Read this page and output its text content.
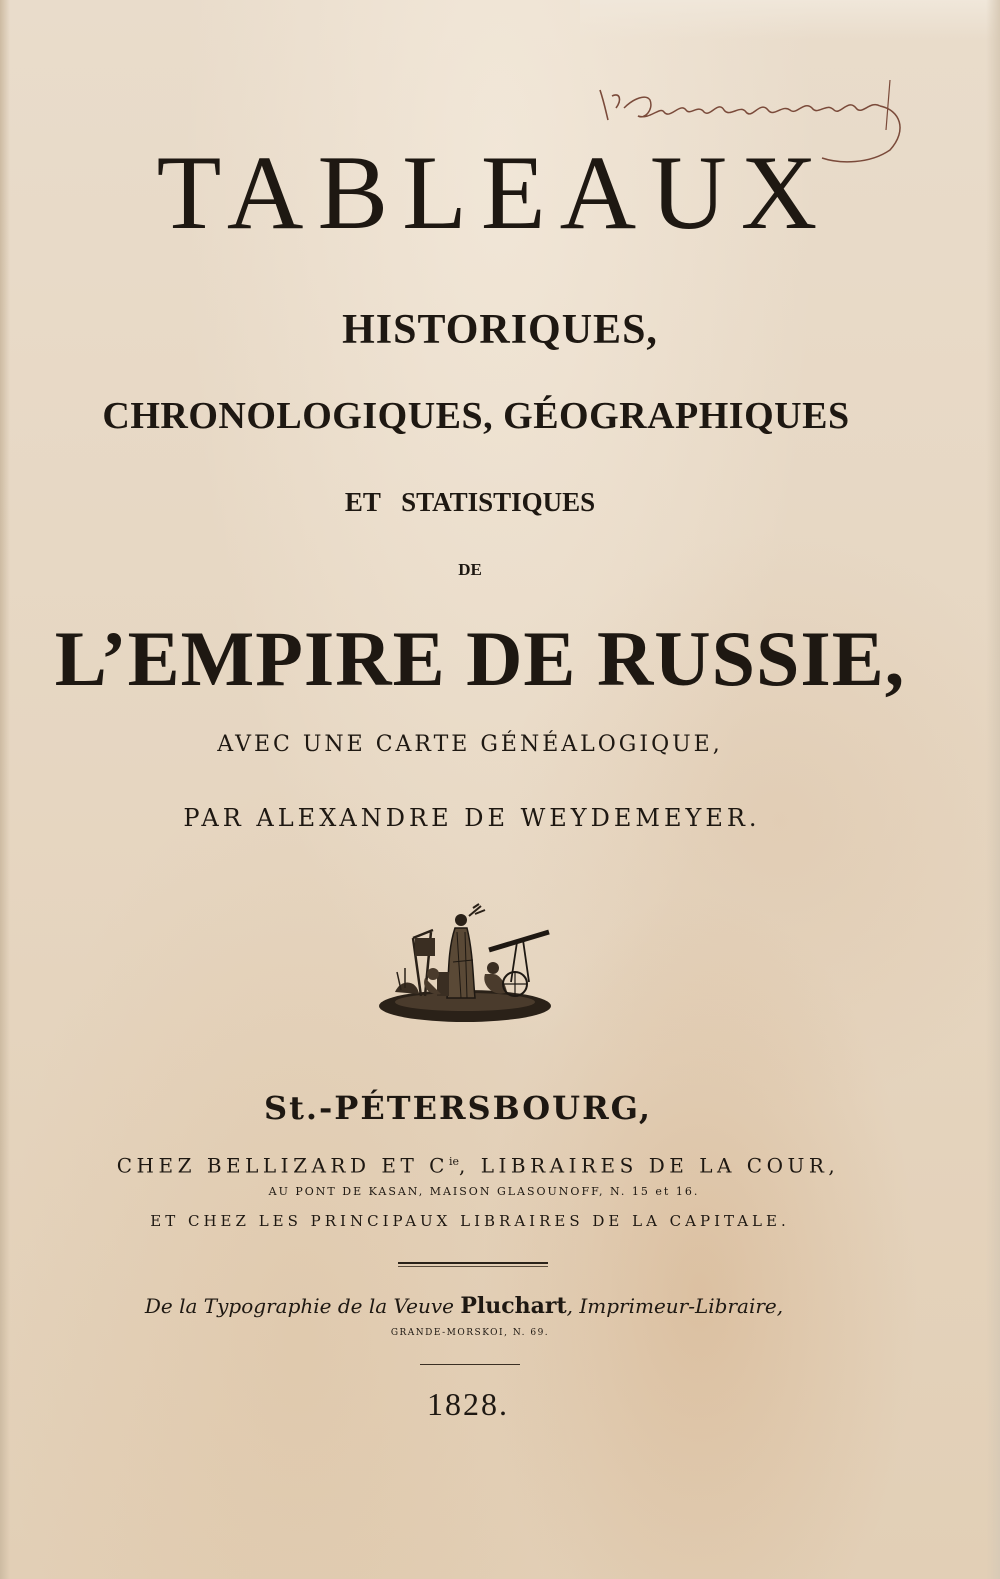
TABLEAUX
HISTORIQUES,
CHRONOLOGIQUES, GÉOGRAPHIQUES
ET STATISTIQUES
DE
L’EMPIRE DE RUSSIE,
AVEC UNE CARTE GÉNÉALOGIQUE,
PAR ALEXANDRE DE WEYDEMEYER.
St.-PÉTERSBOURG,
CHEZ BELLIZARD ET $C^{ie}$, LIBRAIRES DE LA COUR,
AU PONT DE KASAN, MAISON GLASOUNOFF, N. 15 et 16.
ET CHEZ LES PRINCIPAUX LIBRAIRES DE LA CAPITALE.
De la Typographie de la Veuve Pluchart, Imprimeur-Libraire,
GRANDE-MORSKOI, N. 69.
1828.
